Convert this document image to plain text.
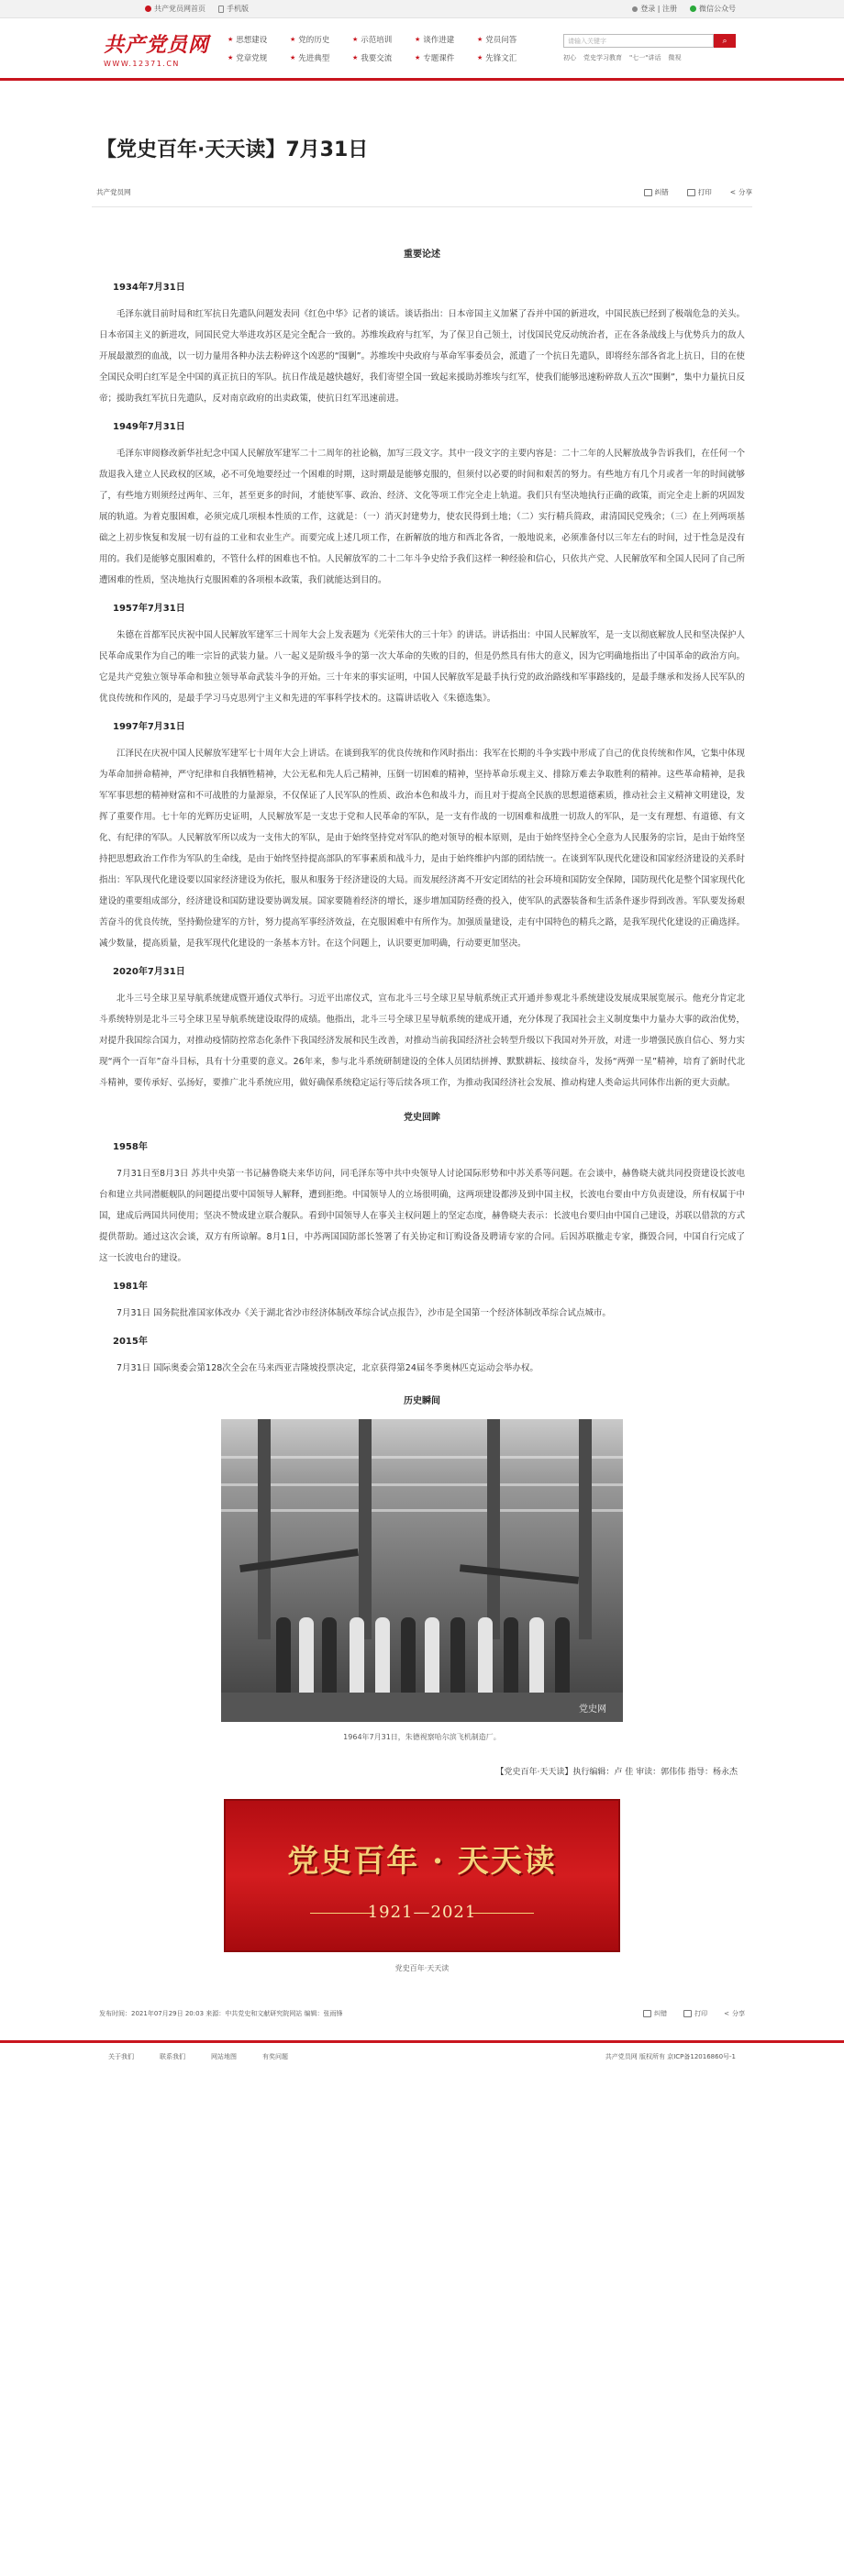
共产党员网首页	手机版	登录 | 注册	微信公众号
共产党员网
WWW.12371.CN
★ 思想建设	★ 党的历史	★ 示范培训	★ 谈作进建	★ 党员问答
★ 党章党规	★ 先进典型	★ 我要交流	★ 专题课件	★ 先锋文汇
请输入关键字	⌕
初心 党史学习教育 "七一"讲话 微视
【党史百年·天天读】7月31日
共产党员网	纠错	打印	< 分享
重要论述
1934年7月31日

毛泽东就目前时局和红军抗日先遣队问题发表同《红色中华》记者的谈话。谈话指出：日本帝国主义加紧了吞并中国的新进攻，中国民族已经到了极端危急的关头。日本帝国主义的新进攻，同国民党大举进攻苏区是完全配合一致的。苏维埃政府与红军，为了保卫自己领土，讨伐国民党反动统治者，正在各条战线上与优势兵力的敌人开展最激烈的血战，以一切力量用各种办法去粉碎这个凶恶的“围剿”。苏维埃中央政府与革命军事委员会，派遣了一个抗日先遣队，即将经东部各省北上抗日，目的在使全国民众明白红军是全中国的真正抗日的军队。抗日作战是越快越好，我们寄望全国一致起来援助苏维埃与红军，使我们能够迅速粉碎敌人五次“围剿”，集中力量抗日反帝；援助我红军抗日先遣队，反对南京政府的出卖政策，使抗日红军迅速前进。

1949年7月31日

毛泽东审阅修改新华社纪念中国人民解放军建军二十二周年的社论稿，加写三段文字。其中一段文字的主要内容是：二十二年的人民解放战争告诉我们，在任何一个敌退我入建立人民政权的区域，必不可免地要经过一个困难的时期，这时期最是能够克服的，但须付以必要的时间和艰苦的努力。有些地方有几个月或者一年的时间就够了，有些地方则须经过两年、三年，甚至更多的时间，才能使军事、政治、经济、文化等项工作完全走上轨道。我们只有坚决地执行正确的政策，而完全走上新的巩固发展的轨道。为着克服困难，必须完成几项根本性质的工作，这就是：（一）消灭封建势力，使农民得到土地；（二）实行精兵简政，肃清国民党残余；（三）在上列两项基础之上初步恢复和发展一切有益的工业和农业生产。而要完成上述几项工作，在新解放的地方和西北各省，一般地说来，必须准备付以三年左右的时间，过于性急是没有用的。我们是能够克服困难的，不管什么样的困难也不怕。人民解放军的二十二年斗争史给予我们这样一种经验和信心，只依共产党、人民解放军和全国人民同了自己所遭困难的性质，坚决地执行克服困难的各项根本政策，我们就能达到目的。

1957年7月31日

朱德在首都军民庆祝中国人民解放军建军三十周年大会上发表题为《光荣伟大的三十年》的讲话。讲话指出：中国人民解放军，是一支以彻底解放人民和坚决保护人民革命成果作为自己的唯一宗旨的武装力量。八一起义是阶级斗争的第一次大革命的失败的目的，但是仍然具有伟大的意义，因为它明确地指出了中国革命的政治方向。它是共产党独立领导革命和独立领导革命武装斗争的开始。三十年来的事实证明，中国人民解放军是最手执行党的政治路线和军事路线的，是最手继承和发扬人民军队的优良传统和作风的，是最手学习马克思列宁主义和先进的军事科学技术的。这篇讲话收入《朱德选集》。

1997年7月31日

江泽民在庆祝中国人民解放军建军七十周年大会上讲话。在谈到我军的优良传统和作风时指出：我军在长期的斗争实践中形成了自己的优良传统和作风，它集中体现为革命加拼命精神，严守纪律和自我牺牲精神，大公无私和先人后己精神，压倒一切困难的精神，坚持革命乐观主义、排除万难去争取胜利的精神。这些革命精神，是我军军事思想的精神财富和不可战胜的力量源泉，不仅保证了人民军队的性质、政治本色和战斗力，而且对于提高全民族的思想道德素质，推动社会主义精神文明建设，发挥了重要作用。七十年的光辉历史证明，人民解放军是一支忠于党和人民革命的军队，是一支有作战的一切困难和战胜一切敌人的军队，是一支有理想、有道德、有文化、有纪律的军队。人民解放军所以成为一支伟大的军队，是由于始终坚持党对军队的绝对领导的根本原则，是由于始终坚持全心全意为人民服务的宗旨，是由于始终坚持把思想政治工作作为军队的生命线，是由于始终坚持提高部队的军事素质和战斗力，是由于始终维护内部的团结统一。在谈到军队现代化建设和国家经济建设的关系时指出：军队现代化建设要以国家经济建设为依托，服从和服务于经济建设的大局。而发展经济离不开安定团结的社会环境和国防安全保障，国防现代化是整个国家现代化建设的重要组成部分，经济建设和国防建设要协调发展。国家要随着经济的增长，逐步增加国防经费的投入，使军队的武器装备和生活条件逐步得到改善。军队要发扬艰苦奋斗的优良传统，坚持勤俭建军的方针，努力提高军事经济效益，在克服困难中有所作为。加强质量建设，走有中国特色的精兵之路，是我军现代化建设的正确选择。减少数量，提高质量，是我军现代化建设的一条基本方针。在这个问题上，认识要更加明确，行动要更加坚决。

2020年7月31日

北斗三号全球卫星导航系统建成暨开通仪式举行。习近平出席仪式，宣布北斗三号全球卫星导航系统正式开通并参观北斗系统建设发展成果展览展示。他充分肯定北斗系统特别是北斗三号全球卫星导航系统建设取得的成绩。他指出，北斗三号全球卫星导航系统的建成开通，充分体现了我国社会主义制度集中力量办大事的政治优势，对提升我国综合国力，对推动疫情防控常态化条件下我国经济发展和民生改善，对推动当前我国经济社会转型升级以下我国对外开放，对进一步增强民族自信心、努力实现“两个一百年”奋斗目标，具有十分重要的意义。26年来，参与北斗系统研制建设的全体人员团结拼搏、默默耕耘、接续奋斗，发扬“两弹一星”精神，培育了新时代北斗精神，要传承好、弘扬好，要推广北斗系统应用，做好确保系统稳定运行等后续各项工作，为推动我国经济社会发展、推动构建人类命运共同体作出新的更大贡献。

党史回眸
1958年

7月31日至8月3日 苏共中央第一书记赫鲁晓夫来华访问，同毛泽东等中共中央领导人讨论国际形势和中苏关系等问题。在会谈中，赫鲁晓夫就共同投资建设长波电台和建立共同潜艇舰队的问题提出要中国领导人解释，遭到拒绝。中国领导人的立场很明确，这两项建设都涉及到中国主权，长波电台要由中方负责建设，所有权属于中国，建成后两国共同使用；坚决不赞成建立联合舰队。看到中国领导人在事关主权问题上的坚定态度，赫鲁晓夫表示：长波电台要归由中国自己建设，苏联以借款的方式提供帮助。通过这次会谈，双方有所谅解。8月1日，中苏两国国防部长签署了有关协定和订购设备及聘请专家的合同。后因苏联撤走专家，撕毁合同，中国自行完成了这一长波电台的建设。

1981年

7月31日 国务院批准国家体改办《关于湖北省沙市经济体制改革综合试点报告》，沙市是全国第一个经济体制改革综合试点城市。

2015年

7月31日 国际奥委会第128次全会在马来西亚吉隆坡投票决定，北京获得第24届冬季奥林匹克运动会举办权。

历史瞬间
党史网
1964年7月31日，朱德视察哈尔滨飞机制造厂。
【党史百年·天天读】执行编辑：卢 佳 审读：郭伟伟 指导：杨永杰
党史百年 · 天天读
1921—2021
党史百年·天天读
发布时间：2021年07月29日 20:03 来源：中共党史和文献研究院网站 编辑：张雨锋	纠错	打印	< 分享
关于我们	联系我们	网站地图	有奖问题	共产党员网 版权所有 京ICP备12016860号-1
